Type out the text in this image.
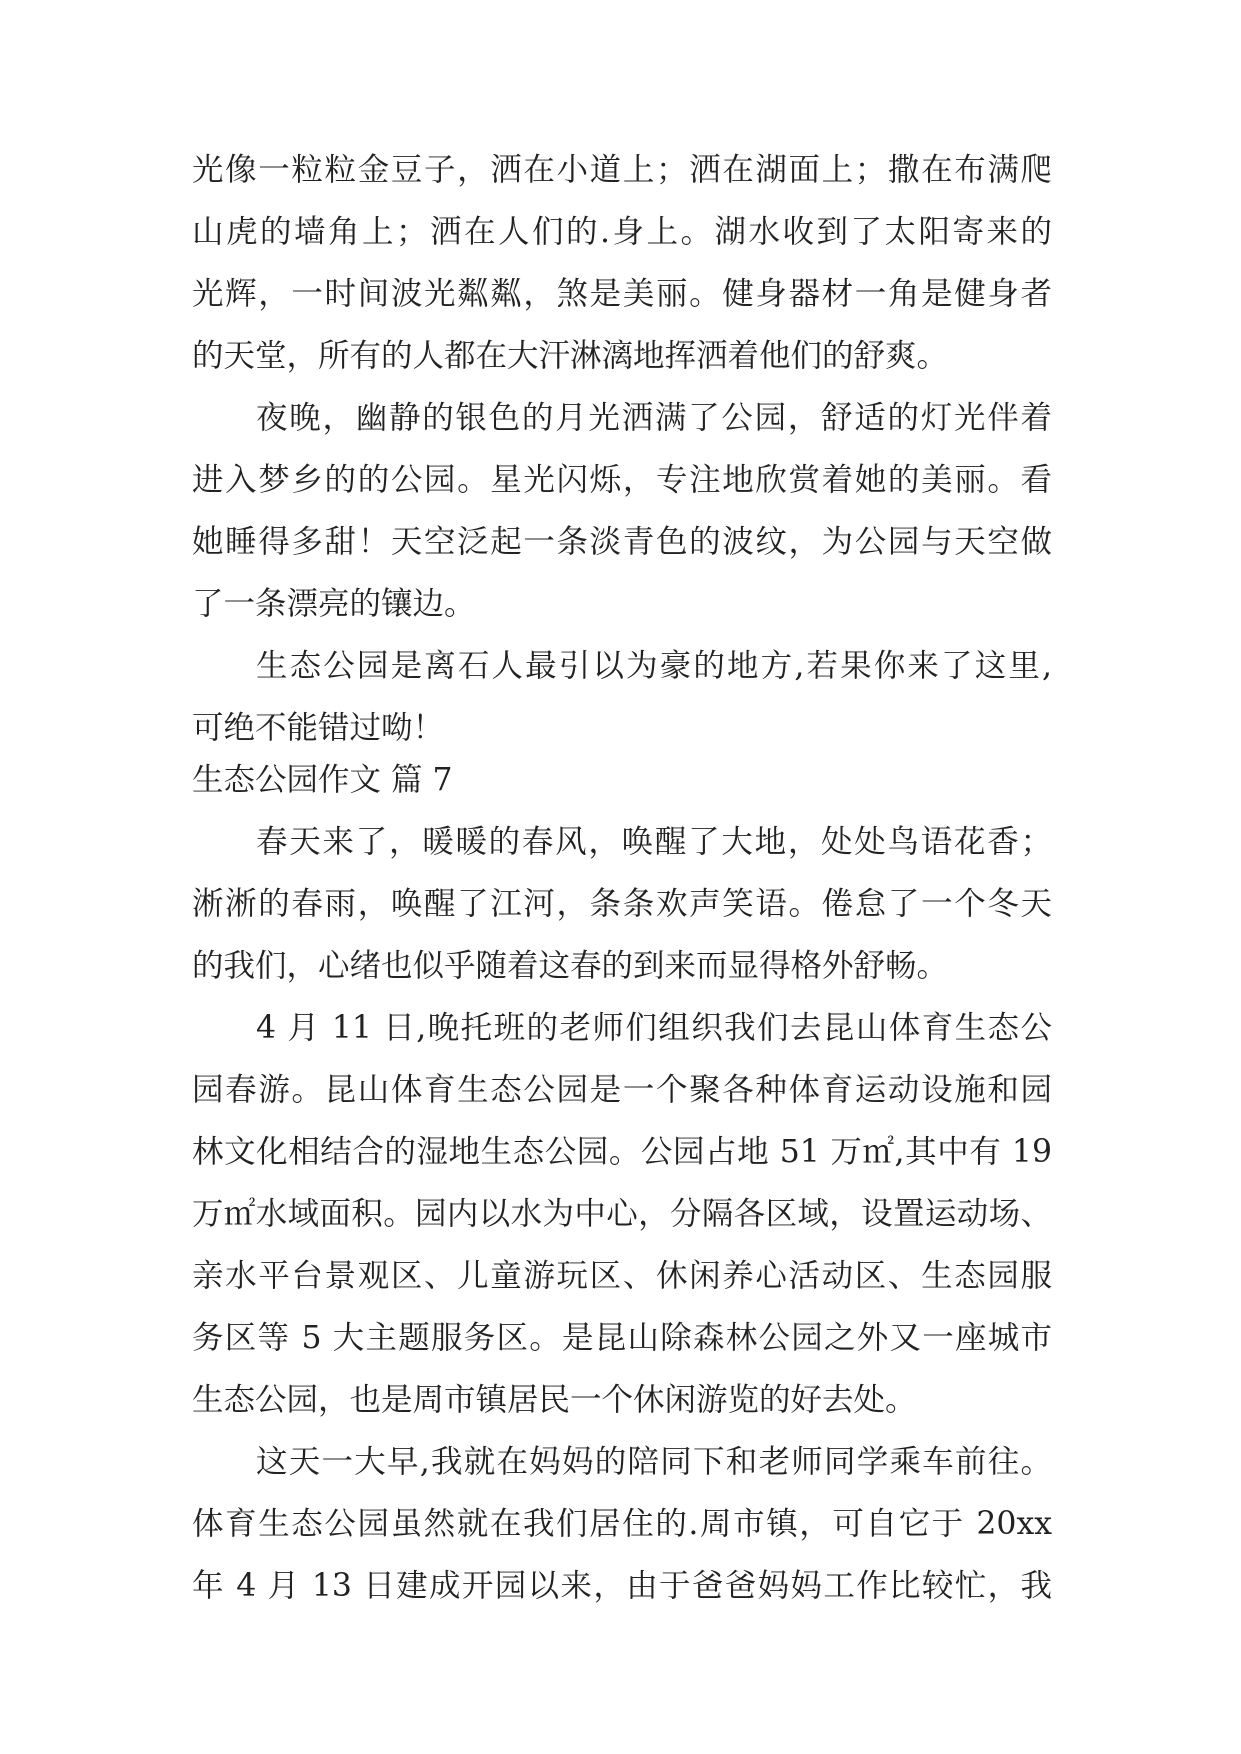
光像一粒粒金豆子，洒在小道上；洒在湖面上；撒在布满爬
山虎的墙角上；洒在人们的.身上。湖水收到了太阳寄来的
光辉，一时间波光粼粼，煞是美丽。健身器材一角是健身者
的天堂，所有的人都在大汗淋漓地挥洒着他们的舒爽。
夜晚，幽静的银色的月光洒满了公园，舒适的灯光伴着
进入梦乡的的公园。星光闪烁，专注地欣赏着她的美丽。看
她睡得多甜！天空泛起一条淡青色的波纹，为公园与天空做
了一条漂亮的镶边。
生态公园是离石人最引以为豪的地方,若果你来了这里,
可绝不能错过呦！
生态公园作文 篇 7
春天来了，暖暖的春风，唤醒了大地，处处鸟语花香；
淅淅的春雨，唤醒了江河，条条欢声笑语。倦怠了一个冬天
的我们，心绪也似乎随着这春的到来而显得格外舒畅。
4 月 11 日,晚托班的老师们组织我们去昆山体育生态公
园春游。昆山体育生态公园是一个聚各种体育运动设施和园
林文化相结合的湿地生态公园。公园占地 51 万㎡,其中有 19
万㎡水域面积。园内以水为中心，分隔各区域，设置运动场、
亲水平台景观区、儿童游玩区、休闲养心活动区、生态园服
务区等 5 大主题服务区。是昆山除森林公园之外又一座城市
生态公园，也是周市镇居民一个休闲游览的好去处。
这天一大早,我就在妈妈的陪同下和老师同学乘车前往。
体育生态公园虽然就在我们居住的.周市镇，可自它于 20xx
年 4 月 13 日建成开园以来，由于爸爸妈妈工作比较忙，我
